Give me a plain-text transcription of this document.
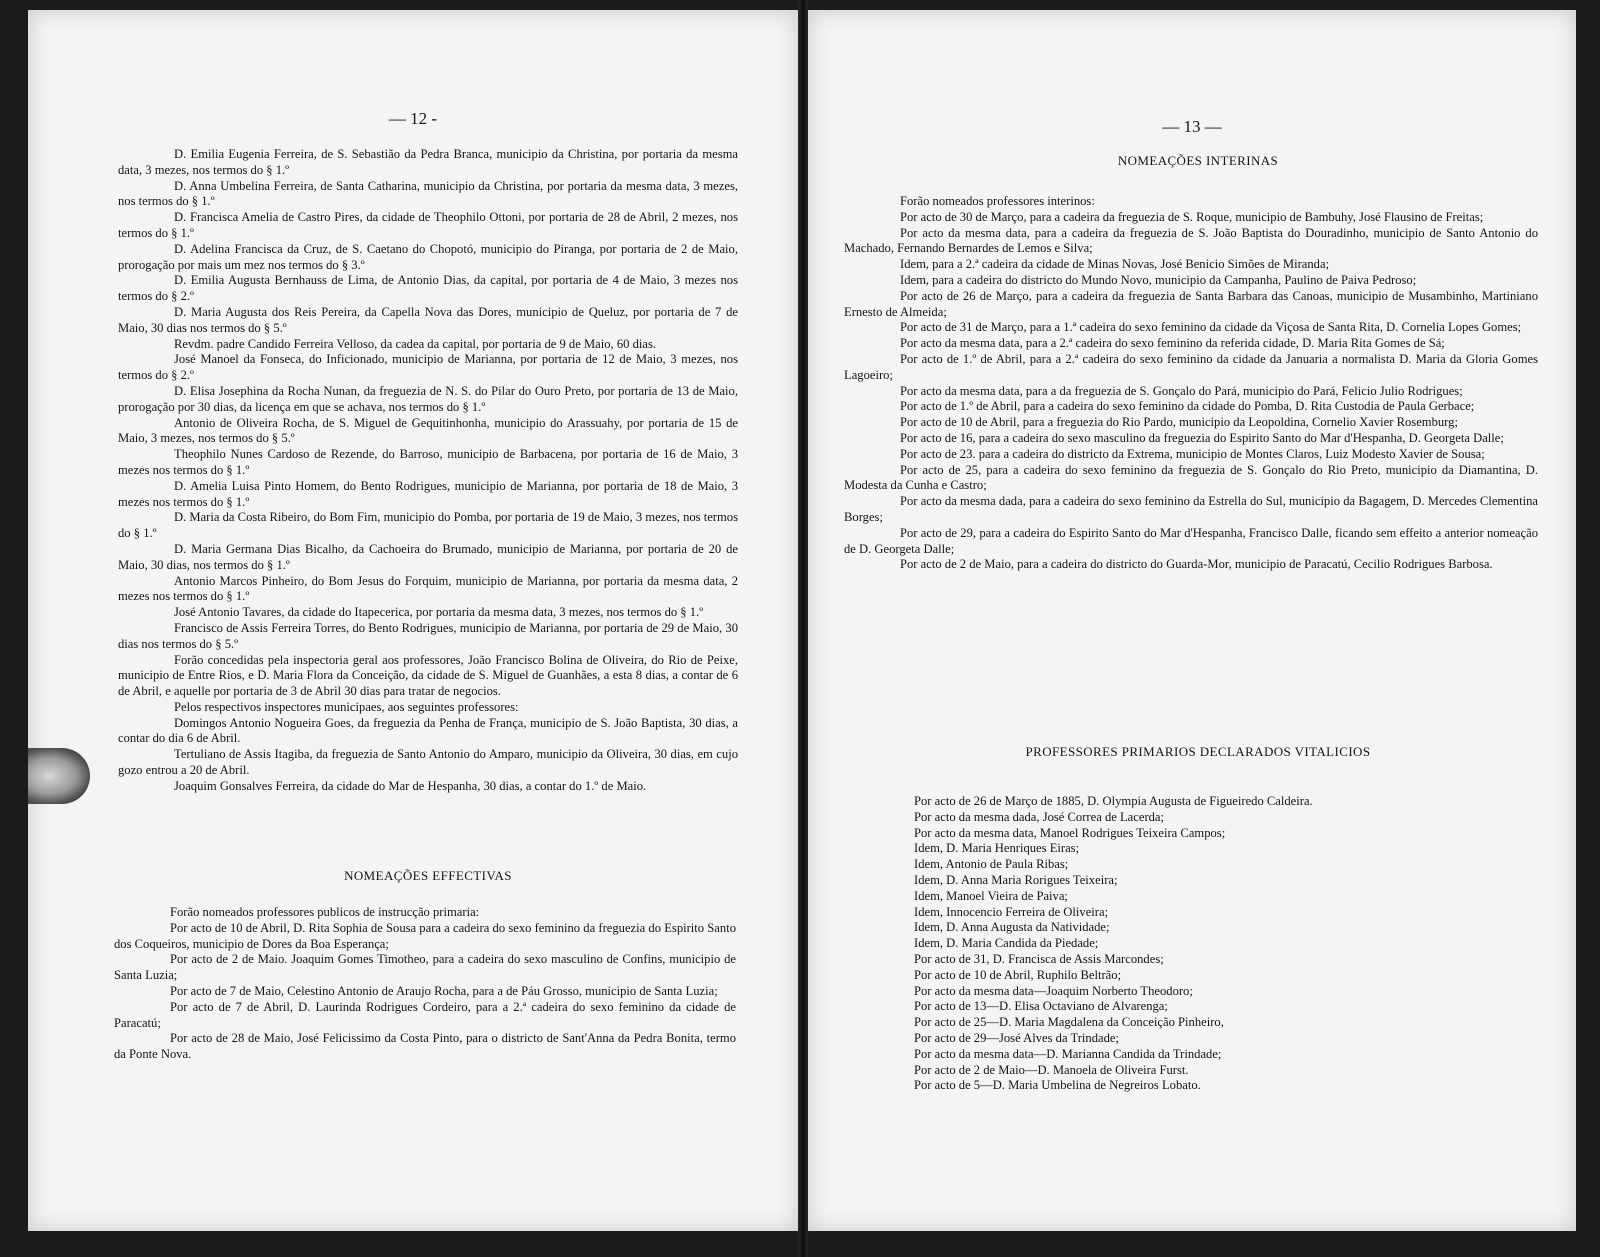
— 12 -

D. Emilia Eugenia Ferreira, de S. Sebastião da Pedra Branca, municipio da Christina, por portaria da mesma data, 3 mezes, nos termos do § 1.º

D. Anna Umbelina Ferreira, de Santa Catharina, municipio da Christina, por portaria da mesma data, 3 mezes, nos termos do § 1.º

D. Francisca Amelia de Castro Pires, da cidade de Theophilo Ottoni, por portaria de 28 de Abril, 2 mezes, nos termos do § 1.º

D. Adelina Francisca da Cruz, de S. Caetano do Chopotó, municipio do Piranga, por portaria de 2 de Maio, prorogação por mais um mez nos termos do § 3.º

D. Emilia Augusta Bernhauss de Lima, de Antonio Dias, da capital, por portaria de 4 de Maio, 3 mezes nos termos do § 2.º

D. Maria Augusta dos Reis Pereira, da Capella Nova das Dores, municipio de Queluz, por portaria de 7 de Maio, 30 dias nos termos do § 5.º

Revdm. padre Candido Ferreira Velloso, da cadea da capital, por portaria de 9 de Maio, 60 dias.

José Manoel da Fonseca, do Inficionado, municipio de Marianna, por portaria de 12 de Maio, 3 mezes, nos termos do § 2.º

D. Elisa Josephina da Rocha Nunan, da freguezia de N. S. do Pilar do Ouro Preto, por portaria de 13 de Maio, prorogação por 30 dias, da licença em que se achava, nos termos do § 1.º

Antonio de Oliveira Rocha, de S. Miguel de Gequitinhonha, municipio do Arassuahy, por portaria de 15 de Maio, 3 mezes, nos termos do § 5.º

Theophilo Nunes Cardoso de Rezende, do Barroso, municipio de Barbacena, por portaria de 16 de Maio, 3 mezes nos termos do § 1.º

D. Amelia Luisa Pinto Homem, do Bento Rodrigues, municipio de Marianna, por portaria de 18 de Maio, 3 mezes nos termos do § 1.º

D. Maria da Costa Ribeiro, do Bom Fim, municipio do Pomba, por portaria de 19 de Maio, 3 mezes, nos termos do § 1.º

D. Maria Germana Dias Bicalho, da Cachoeira do Brumado, municipio de Marianna, por portaria de 20 de Maio, 30 dias, nos termos do § 1.º

Antonio Marcos Pinheiro, do Bom Jesus do Forquim, municipio de Marianna, por portaria da mesma data, 2 mezes nos termos do § 1.º

José Antonio Tavares, da cidade do Itapecerica, por portaria da mesma data, 3 mezes, nos termos do § 1.º

Francisco de Assis Ferreira Torres, do Bento Rodrigues, municipio de Marianna, por portaria de 29 de Maio, 30 dias nos termos do § 5.º

Forão concedidas pela inspectoria geral aos professores, João Francisco Bolina de Oliveira, do Rio de Peixe, municipio de Entre Rios, e D. Maria Flora da Conceição, da cidade de S. Miguel de Guanhães, a esta 8 dias, a contar de 6 de Abril, e aquelle por portaria de 3 de Abril 30 dias para tratar de negocios.

Pelos respectivos inspectores municipaes, aos seguintes professores:

Domingos Antonio Nogueira Goes, da freguezia da Penha de França, municipio de S. João Baptista, 30 dias, a contar do dia 6 de Abril.

Tertuliano de Assis Itagiba, da freguezia de Santo Antonio do Amparo, municipio da Oliveira, 30 dias, em cujo gozo entrou a 20 de Abril.

Joaquim Gonsalves Ferreira, da cidade do Mar de Hespanha, 30 dias, a contar do 1.º de Maio.

NOMEAÇÕES EFFECTIVAS

Forão nomeados professores publicos de instrucção primaria:

Por acto de 10 de Abril, D. Rita Sophia de Sousa para a cadeira do sexo feminino da freguezia do Espirito Santo dos Coqueiros, municipio de Dores da Boa Esperança;

Por acto de 2 de Maio. Joaquim Gomes Timotheo, para a cadeira do sexo masculino de Confins, municipio de Santa Luzia;

Por acto de 7 de Maio, Celestino Antonio de Araujo Rocha, para a de Páu Grosso, municipio de Santa Luzia;

Por acto de 7 de Abril, D. Laurinda Rodrigues Cordeiro, para a 2.ª cadeira do sexo feminino da cidade de Paracatú;

Por acto de 28 de Maio, José Felicissimo da Costa Pinto, para o districto de Sant'Anna da Pedra Bonita, termo da Ponte Nova.

— 13 —

NOMEAÇÕES INTERINAS

Forão nomeados professores interinos:

Por acto de 30 de Março, para a cadeira da freguezia de S. Roque, municipio de Bambuhy, José Flausino de Freitas;

Por acto da mesma data, para a cadeira da freguezia de S. João Baptista do Douradinho, municipio de Santo Antonio do Machado, Fernando Bernardes de Lemos e Silva;

Idem, para a 2.ª cadeira da cidade de Minas Novas, José Benicio Simões de Miranda;

Idem, para a cadeira do districto do Mundo Novo, municipio da Campanha, Paulino de Paiva Pedroso;

Por acto de 26 de Março, para a cadeira da freguezia de Santa Barbara das Canoas, municipio de Musambinho, Martiniano Ernesto de Almeida;

Por acto de 31 de Março, para a 1.ª cadeira do sexo feminino da cidade da Viçosa de Santa Rita, D. Cornelia Lopes Gomes;

Por acto da mesma data, para a 2.ª cadeira do sexo feminino da referida cidade, D. Maria Rita Gomes de Sá;

Por acto de 1.º de Abril, para a 2.ª cadeira do sexo feminino da cidade da Januaria a normalista D. Maria da Gloria Gomes Lagoeiro;

Por acto da mesma data, para a da freguezia de S. Gonçalo do Pará, municipio do Pará, Felicio Julio Rodrigues;

Por acto de 1.º de Abril, para a cadeira do sexo feminino da cidade do Pomba, D. Rita Custodia de Paula Gerbace;

Por acto de 10 de Abril, para a freguezia do Rio Pardo, municipio da Leopoldina, Cornelio Xavier Rosemburg;

Por acto de 16, para a cadeira do sexo masculino da freguezia do Espirito Santo do Mar d'Hespanha, D. Georgeta Dalle;

Por acto de 23. para a cadeira do districto da Extrema, municipio de Montes Claros, Luiz Modesto Xavier de Sousa;

Por acto de 25, para a cadeira do sexo feminino da freguezia de S. Gonçalo do Rio Preto, municipio da Diamantina, D. Modesta da Cunha e Castro;

Por acto da mesma dada, para a cadeira do sexo feminino da Estrella do Sul, municipio da Bagagem, D. Mercedes Clementina Borges;

Por acto de 29, para a cadeira do Espirito Santo do Mar d'Hespanha, Francisco Dalle, ficando sem effeito a anterior nomeação de D. Georgeta Dalle;

Por acto de 2 de Maio, para a cadeira do districto do Guarda-Mor, municipio de Paracatú, Cecilio Rodrigues Barbosa.

PROFESSORES PRIMARIOS DECLARADOS VITALICIOS

Por acto de 26 de Março de 1885, D. Olympia Augusta de Figueiredo Caldeira.

Por acto da mesma dada, José Correa de Lacerda;

Por acto da mesma data, Manoel Rodrigues Teixeira Campos;

Idem, D. Maria Henriques Eiras;

Idem, Antonio de Paula Ribas;

Idem, D. Anna Maria Rorigues Teixeira;

Idem, Manoel Vieira de Paiva;

Idem, Innocencio Ferreira de Oliveira;

Idem, D. Anna Augusta da Natividade;

Idem, D. Maria Candida da Piedade;

Por acto de 31, D. Francisca de Assis Marcondes;

Por acto de 10 de Abril, Ruphilo Beltrão;

Por acto da mesma data—Joaquim Norberto Theodoro;

Por acto de 13—D. Elisa Octaviano de Alvarenga;

Por acto de 25—D. Maria Magdalena da Conceição Pinheiro,

Por acto de 29—José Alves da Trindade;

Por acto da mesma data—D. Marianna Candida da Trindade;

Por acto de 2 de Maio—D. Manoela de Oliveira Furst.

Por acto de 5—D. Maria Umbelina de Negreiros Lobato.
